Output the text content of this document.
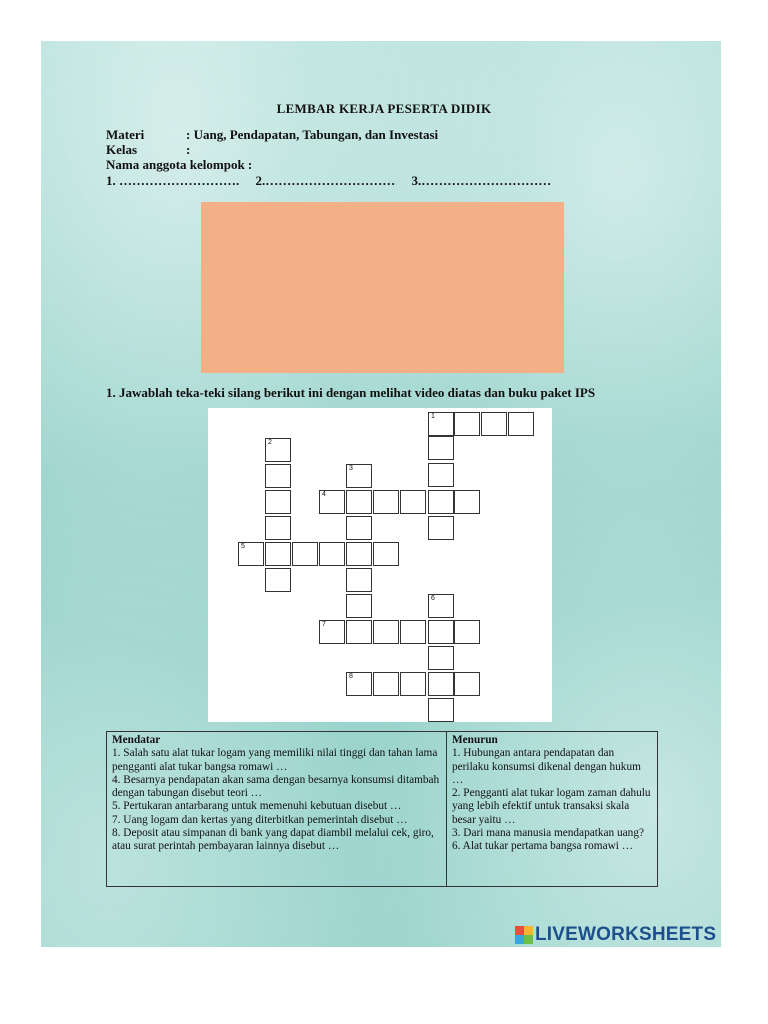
LEMBAR KERJA PESERTA DIDIK
Materi	: Uang, Pendapatan, Tabungan, dan Investasi
Kelas	:
Nama anggota kelompok :
1. ……………………….     2.…………………………     3.…………………………
1. Jawablah teka-teki silang berikut ini dengan melihat video diatas dan buku paket IPS
1
2
3
4
5
6
7
8
Mendatar
1. Salah satu alat tukar logam yang memiliki nilai tinggi dan tahan lama pengganti alat tukar bangsa romawi …
4. Besarnya pendapatan akan sama dengan besarnya konsumsi ditambah dengan tabungan disebut teori …
5. Pertukaran antarbarang untuk memenuhi kebutuan disebut …
7. Uang logam dan kertas yang diterbitkan pemerintah disebut …
8. Deposit atau simpanan di bank yang dapat diambil melalui cek, giro, atau surat perintah pembayaran lainnya disebut …
Menurun
1. Hubungan antara pendapatan dan perilaku konsumsi dikenal dengan hukum …
2. Pengganti alat tukar logam zaman dahulu yang lebih efektif untuk transaksi skala besar yaitu …
3. Dari mana manusia mendapatkan uang?
6. Alat tukar pertama bangsa romawi …
LIVEWORKSHEETS
